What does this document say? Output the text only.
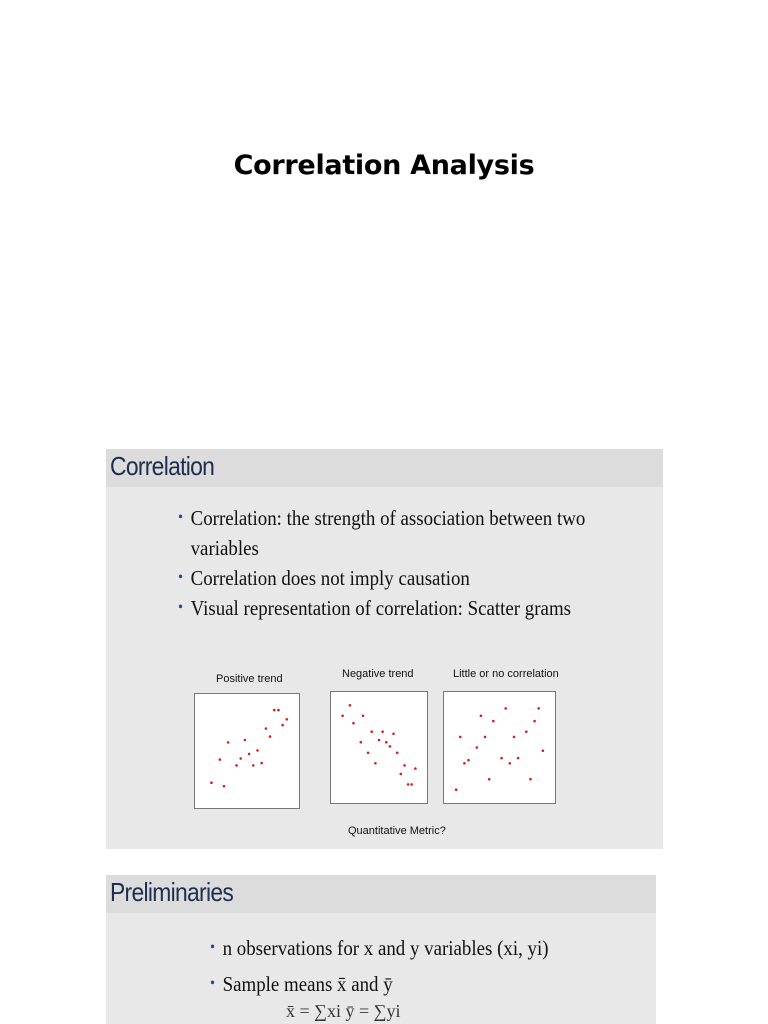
Correlation Analysis
Correlation
• Correlation: the strength of association between two
variables
• Correlation does not imply causation
• Visual representation of correlation: Scatter grams
Positive trend	Negative trend	Little or no correlation
Quantitative Metric?
Preliminaries
• n observations for x and y variables (xi, yi)
• Sample means x̄ and ȳ
x̄ = ∑xi ȳ = ∑yi
